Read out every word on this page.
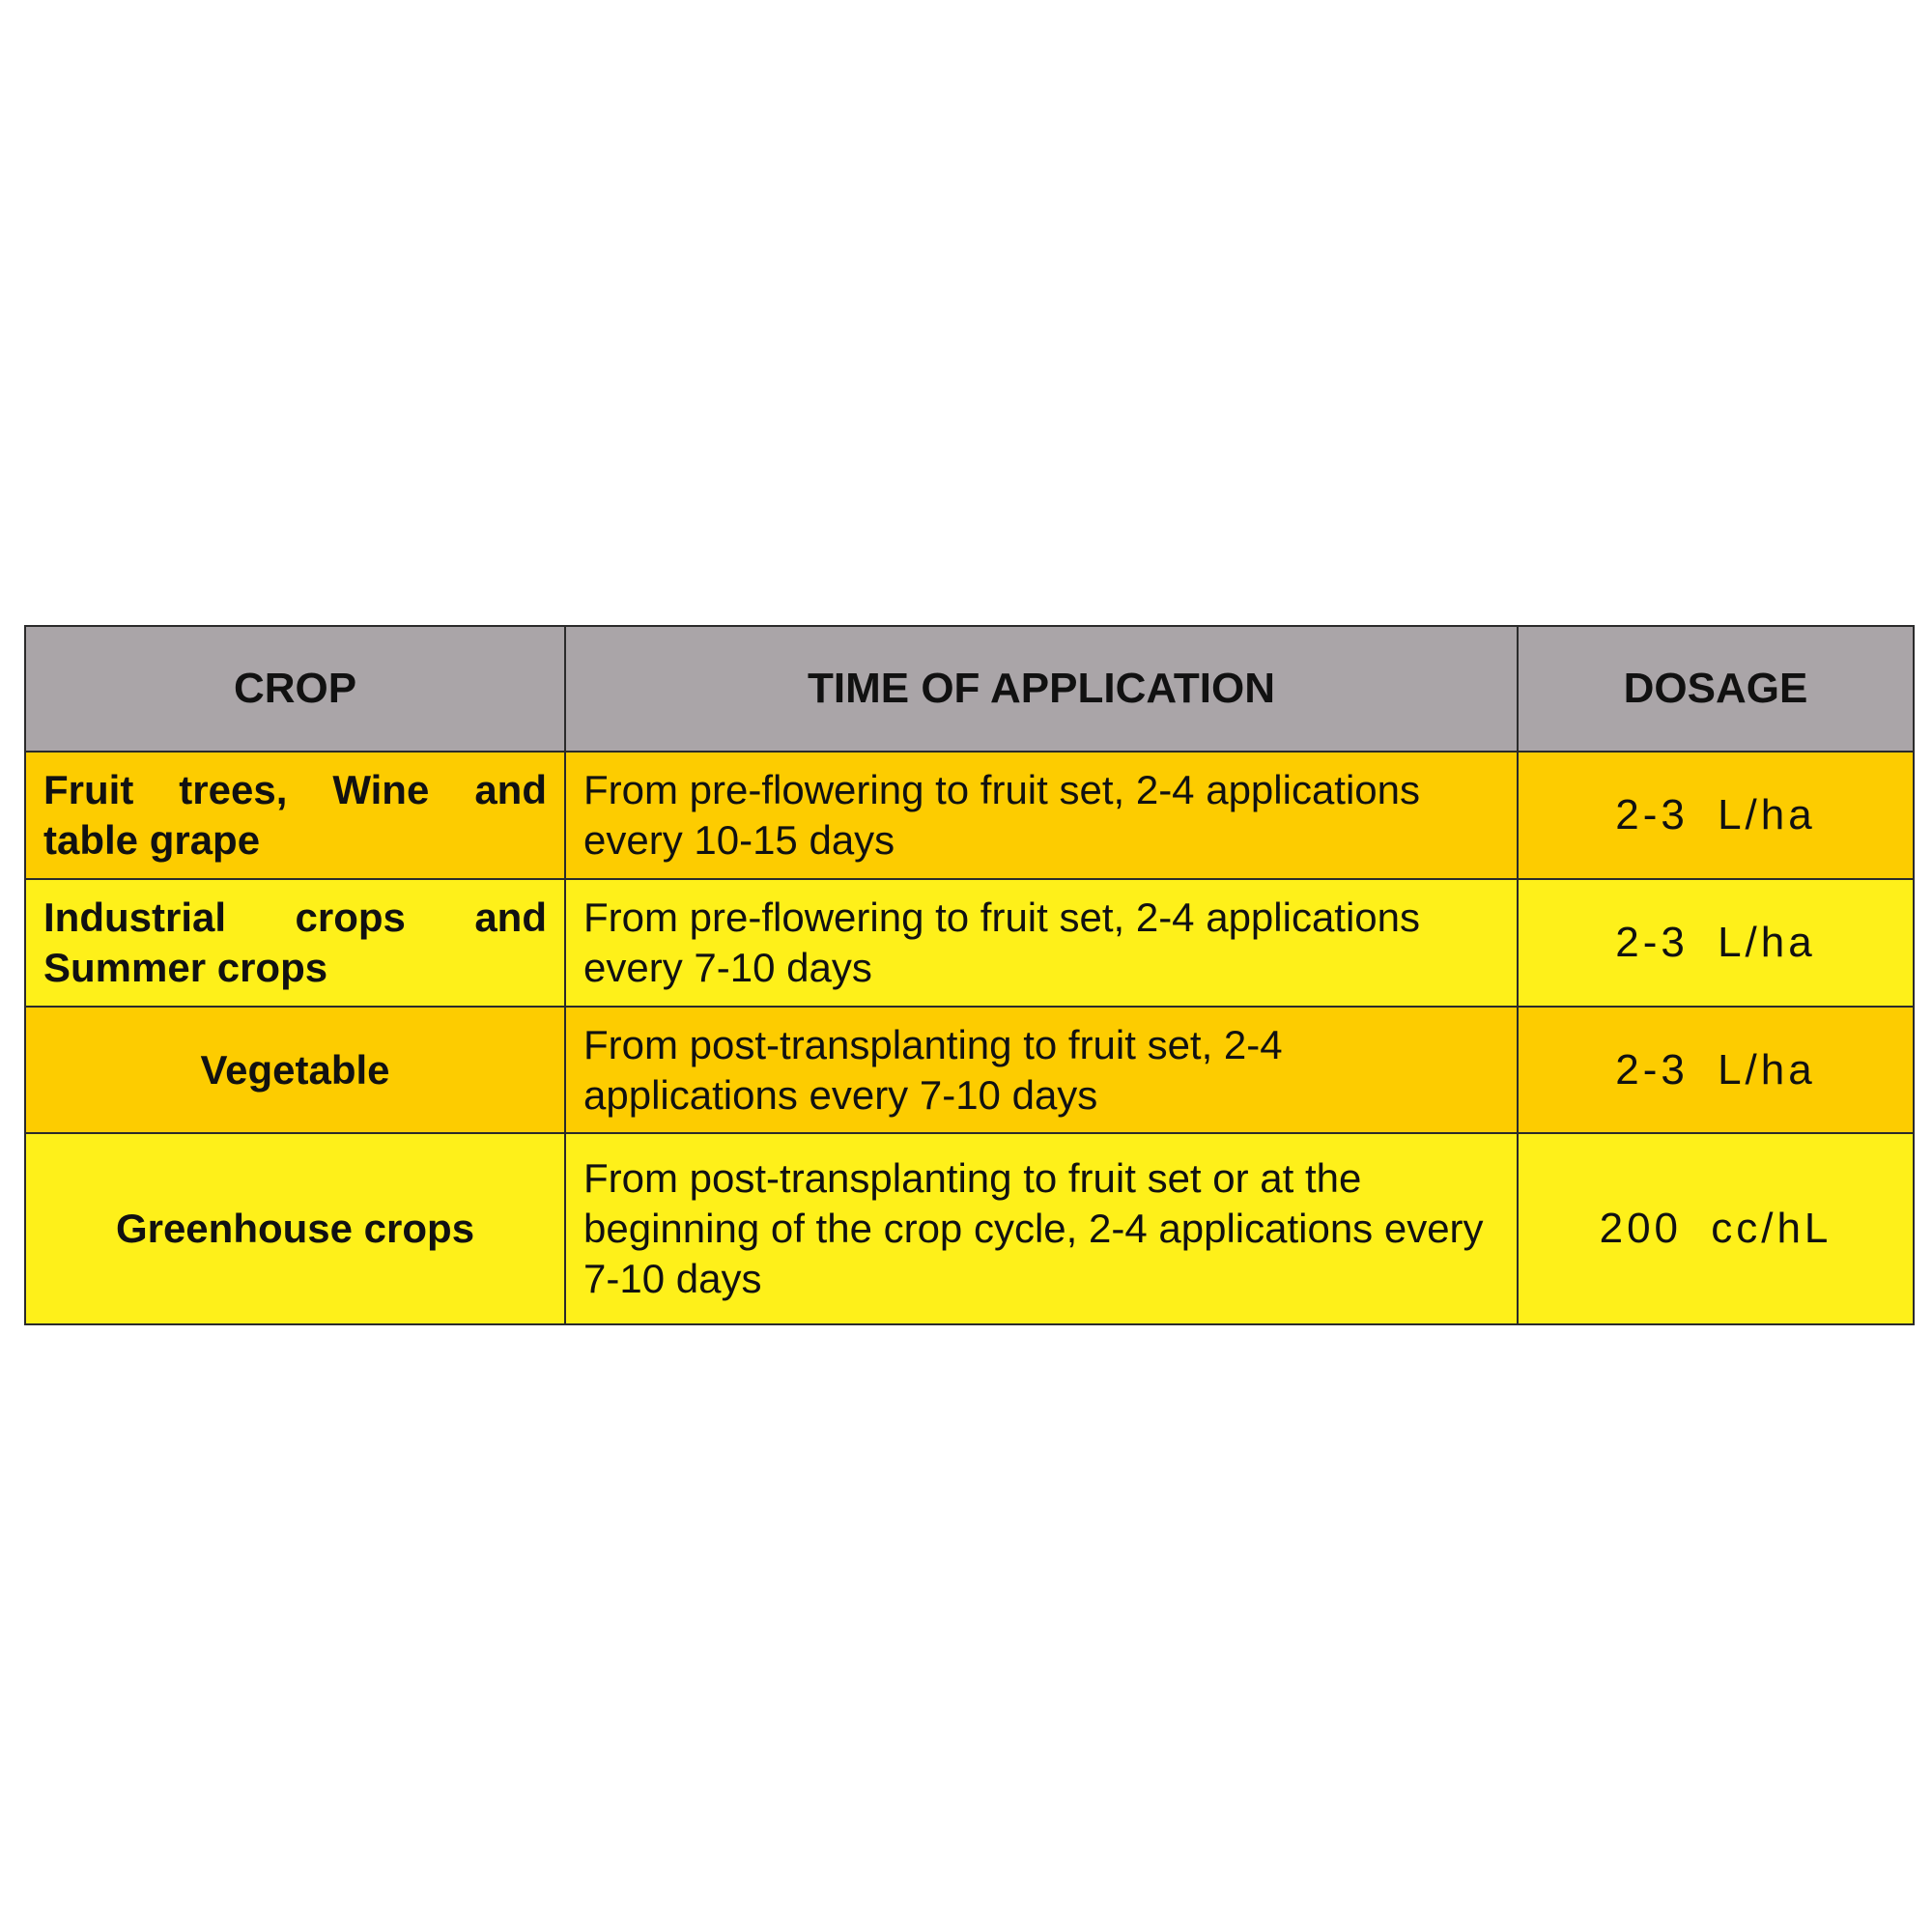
CROP	TIME OF APPLICATION	DOSAGE
Fruit trees, Wine and table grape	From pre-flowering to fruit set, 2-4 applications every 10-15 days	2-3 L/ha
Industrial crops and Summer crops	From pre-flowering to fruit set, 2-4 applications every 7-10 days	2-3 L/ha
Vegetable	From post-transplanting to fruit set, 2-4 applications every 7-10 days	2-3 L/ha
Greenhouse crops	From post-transplanting to fruit set or at the beginning of the crop cycle, 2-4 applications every 7-10 days	200 cc/hL
